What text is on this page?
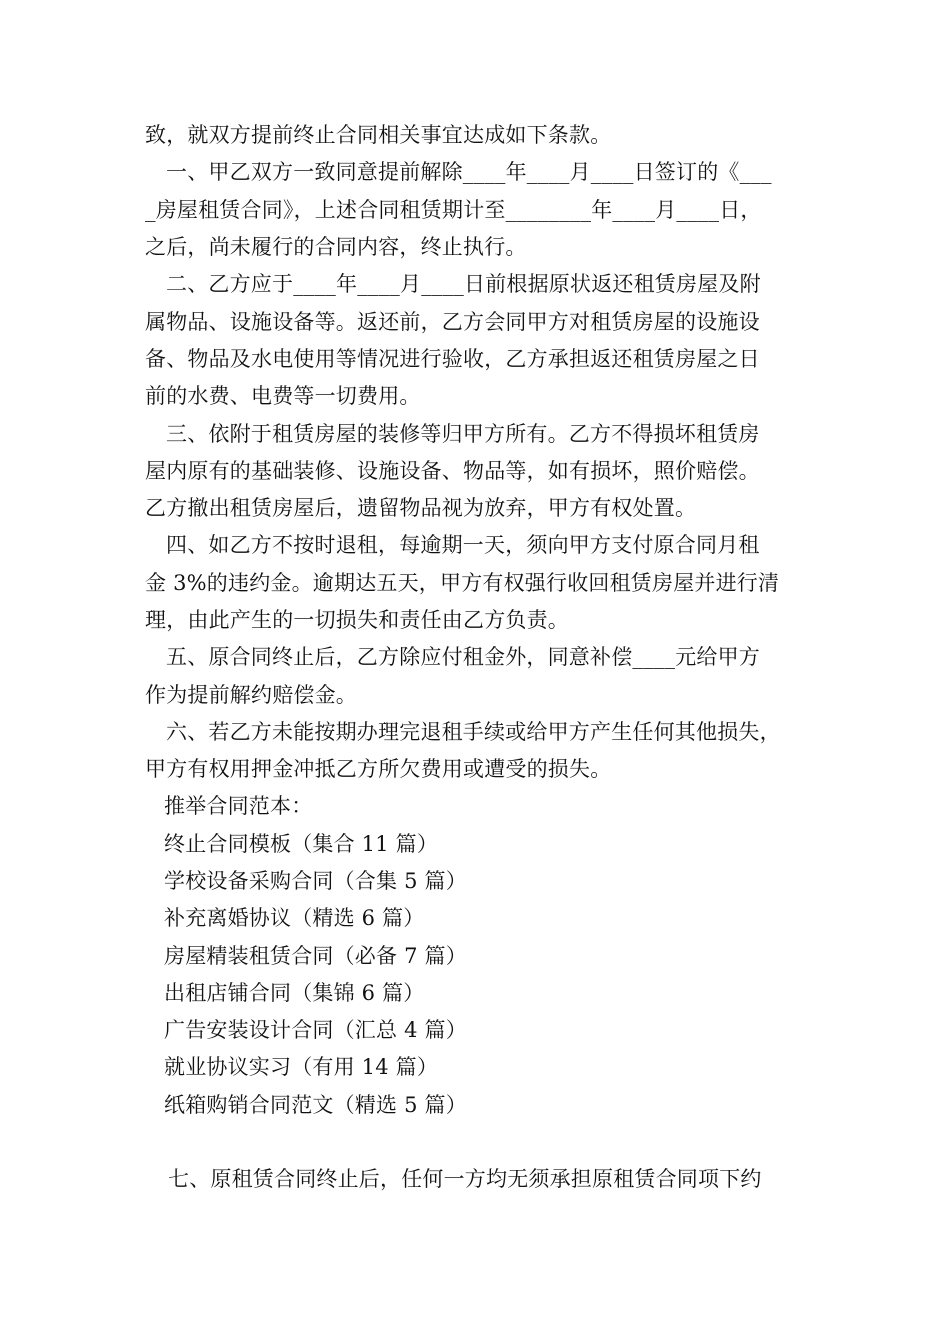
致，就双方提前终止合同相关事宜达成如下条款。
一、甲乙双方一致同意提前解除____年____月____日签订的《___
_房屋租赁合同》，上述合同租赁期计至________年____月____日，
之后，尚未履行的合同内容，终止执行。
二、乙方应于____年____月____日前根据原状返还租赁房屋及附
属物品、设施设备等。返还前，乙方会同甲方对租赁房屋的设施设
备、物品及水电使用等情况进行验收，乙方承担返还租赁房屋之日
前的水费、电费等一切费用。
三、依附于租赁房屋的装修等归甲方所有。乙方不得损坏租赁房
屋内原有的基础装修、设施设备、物品等，如有损坏，照价赔偿。
乙方撤出租赁房屋后，遗留物品视为放弃，甲方有权处置。
四、如乙方不按时退租，每逾期一天，须向甲方支付原合同月租
金 3%的违约金。逾期达五天，甲方有权强行收回租赁房屋并进行清
理，由此产生的一切损失和责任由乙方负责。
五、原合同终止后，乙方除应付租金外，同意补偿____元给甲方
作为提前解约赔偿金。
六、若乙方未能按期办理完退租手续或给甲方产生任何其他损失，
甲方有权用押金冲抵乙方所欠费用或遭受的损失。
推举合同范本：
终止合同模板（集合 11 篇）
学校设备采购合同（合集 5 篇）
补充离婚协议（精选 6 篇）
房屋精装租赁合同（必备 7 篇）
出租店铺合同（集锦 6 篇）
广告安装设计合同（汇总 4 篇）
就业协议实习（有用 14 篇）
纸箱购销合同范文（精选 5 篇）
七、原租赁合同终止后，任何一方均无须承担原租赁合同项下约
